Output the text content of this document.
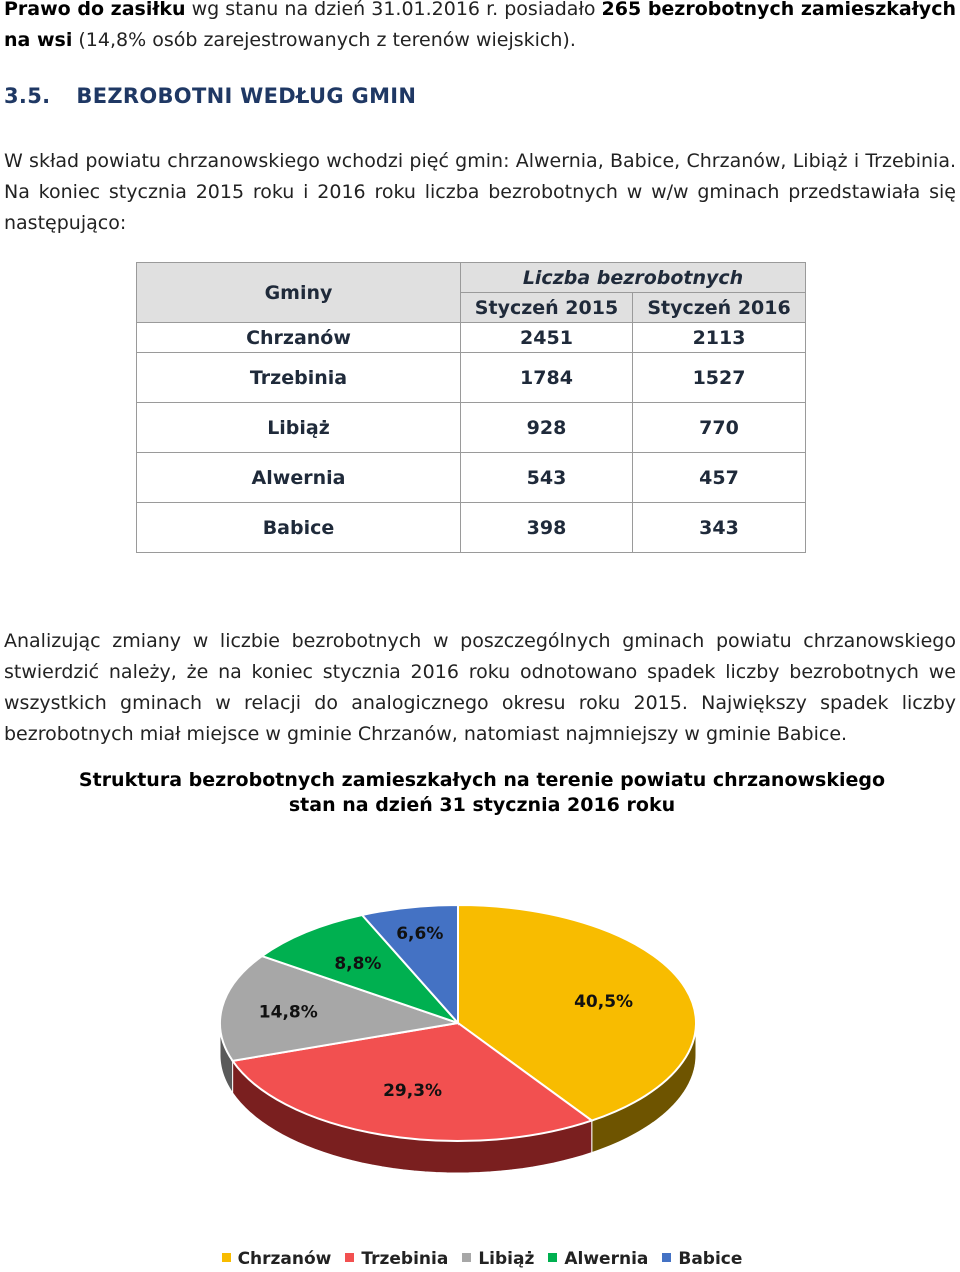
Prawo do zasiłku wg stanu na dzień 31.01.2016 r. posiadało 265 bezrobotnych zamieszkałych na wsi (14,8% osób zarejestrowanych z terenów wiejskich).

3.5. BEZROBOTNI WEDŁUG GMIN

W skład powiatu chrzanowskiego wchodzi pięć gmin: Alwernia, Babice, Chrzanów, Libiąż i Trzebinia. Na koniec stycznia 2015 roku i 2016 roku liczba bezrobotnych w w/w gminach przedstawiała się następująco:

Gminy	Liczba bezrobotnych	
	Styczeń 2015	Styczeń 2016
Chrzanów	2451	2113
Trzebinia	1784	1527
Libiąż	928	770
Alwernia	543	457
Babice	398	343

Analizując zmiany w liczbie bezrobotnych w poszczególnych gminach powiatu chrzanowskiego stwierdzić należy, że na koniec stycznia 2016 roku odnotowano spadek liczby bezrobotnych we wszystkich gminach w relacji do analogicznego okresu roku 2015. Największy spadek liczby bezrobotnych miał miejsce w gminie Chrzanów, natomiast najmniejszy w gminie Babice.

Struktura bezrobotnych zamieszkałych na terenie powiatu chrzanowskiego
stan na dzień 31 stycznia 2016 roku
40,5%
29,3%
14,8%
8,8%
6,6%
Chrzanów Trzebinia Libiąż Alwernia Babice
